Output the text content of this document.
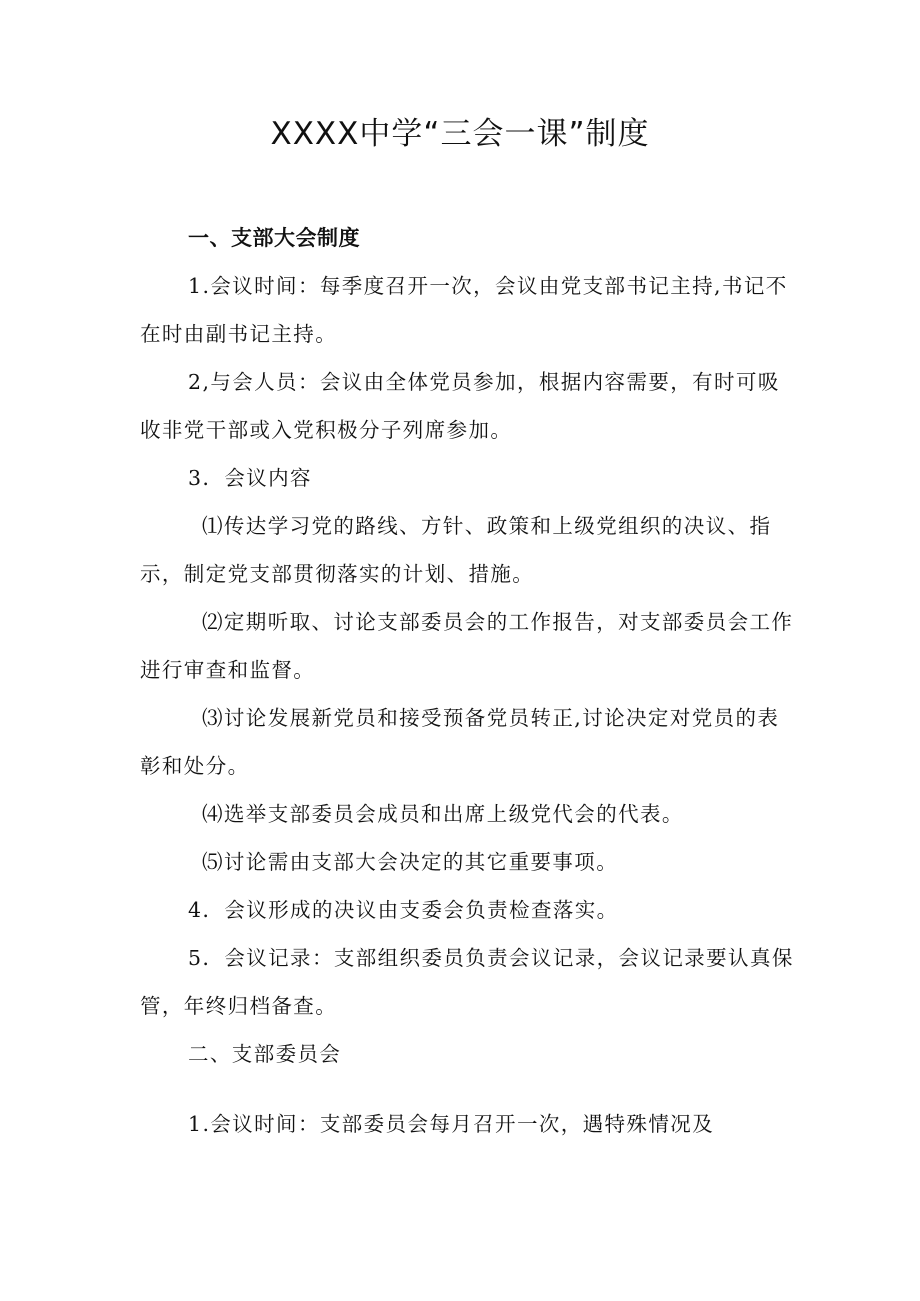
XXXX中学“三会一课”制度

一、支部大会制度

1.会议时间：每季度召开一次，会议由党支部书记主持,书记不在时由副书记主持。

2,与会人员：会议由全体党员参加，根据内容需要，有时可吸收非党干部或入党积极分子列席参加。

3．会议内容

⑴传达学习党的路线、方针、政策和上级党组织的决议、指示，制定党支部贯彻落实的计划、措施。

⑵定期听取、讨论支部委员会的工作报告，对支部委员会工作进行审查和监督。

⑶讨论发展新党员和接受预备党员转正,讨论决定对党员的表彰和处分。

⑷选举支部委员会成员和出席上级党代会的代表。

⑸讨论需由支部大会决定的其它重要事项。

4．会议形成的决议由支委会负责检查落实。

5．会议记录：支部组织委员负责会议记录，会议记录要认真保管，年终归档备查。

二、支部委员会

1.会议时间：支部委员会每月召开一次，遇特殊情况及
